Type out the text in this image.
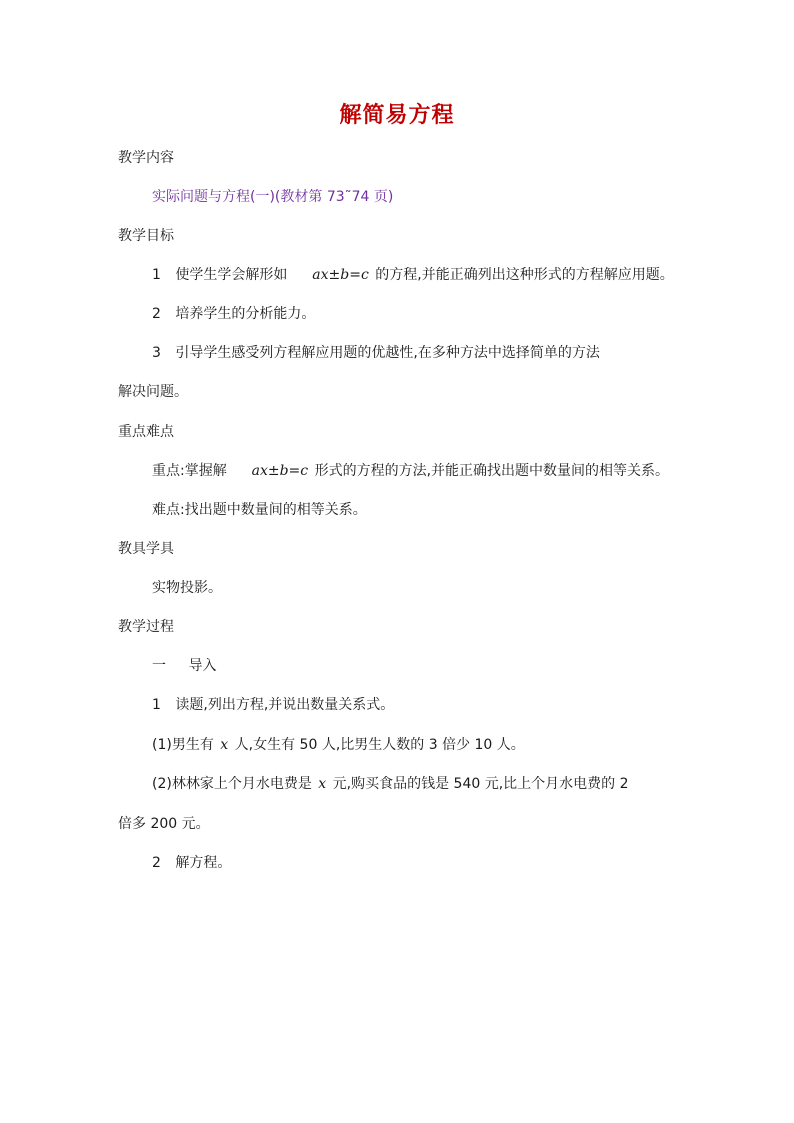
解简易方程
教学内容
实际问题与方程(一)(教材第 73˜74 页)
教学目标
1 使学生学会解形如 ax±b=c 的方程,并能正确列出这种形式的方程解应用题。
2 培养学生的分析能力。
3 引导学生感受列方程解应用题的优越性,在多种方法中选择简单的方法
解决问题。
重点难点
重点:掌握解 ax±b=c 形式的方程的方法,并能正确找出题中数量间的相等关系。
难点:找出题中数量间的相等关系。
教具学具
实物投影。
教学过程
一 导入
1 读题,列出方程,并说出数量关系式。
(1)男生有 x 人,女生有 50 人,比男生人数的 3 倍少 10 人。
(2)林林家上个月水电费是 x 元,购买食品的钱是 540 元,比上个月水电费的 2
倍多 200 元。
2 解方程。
